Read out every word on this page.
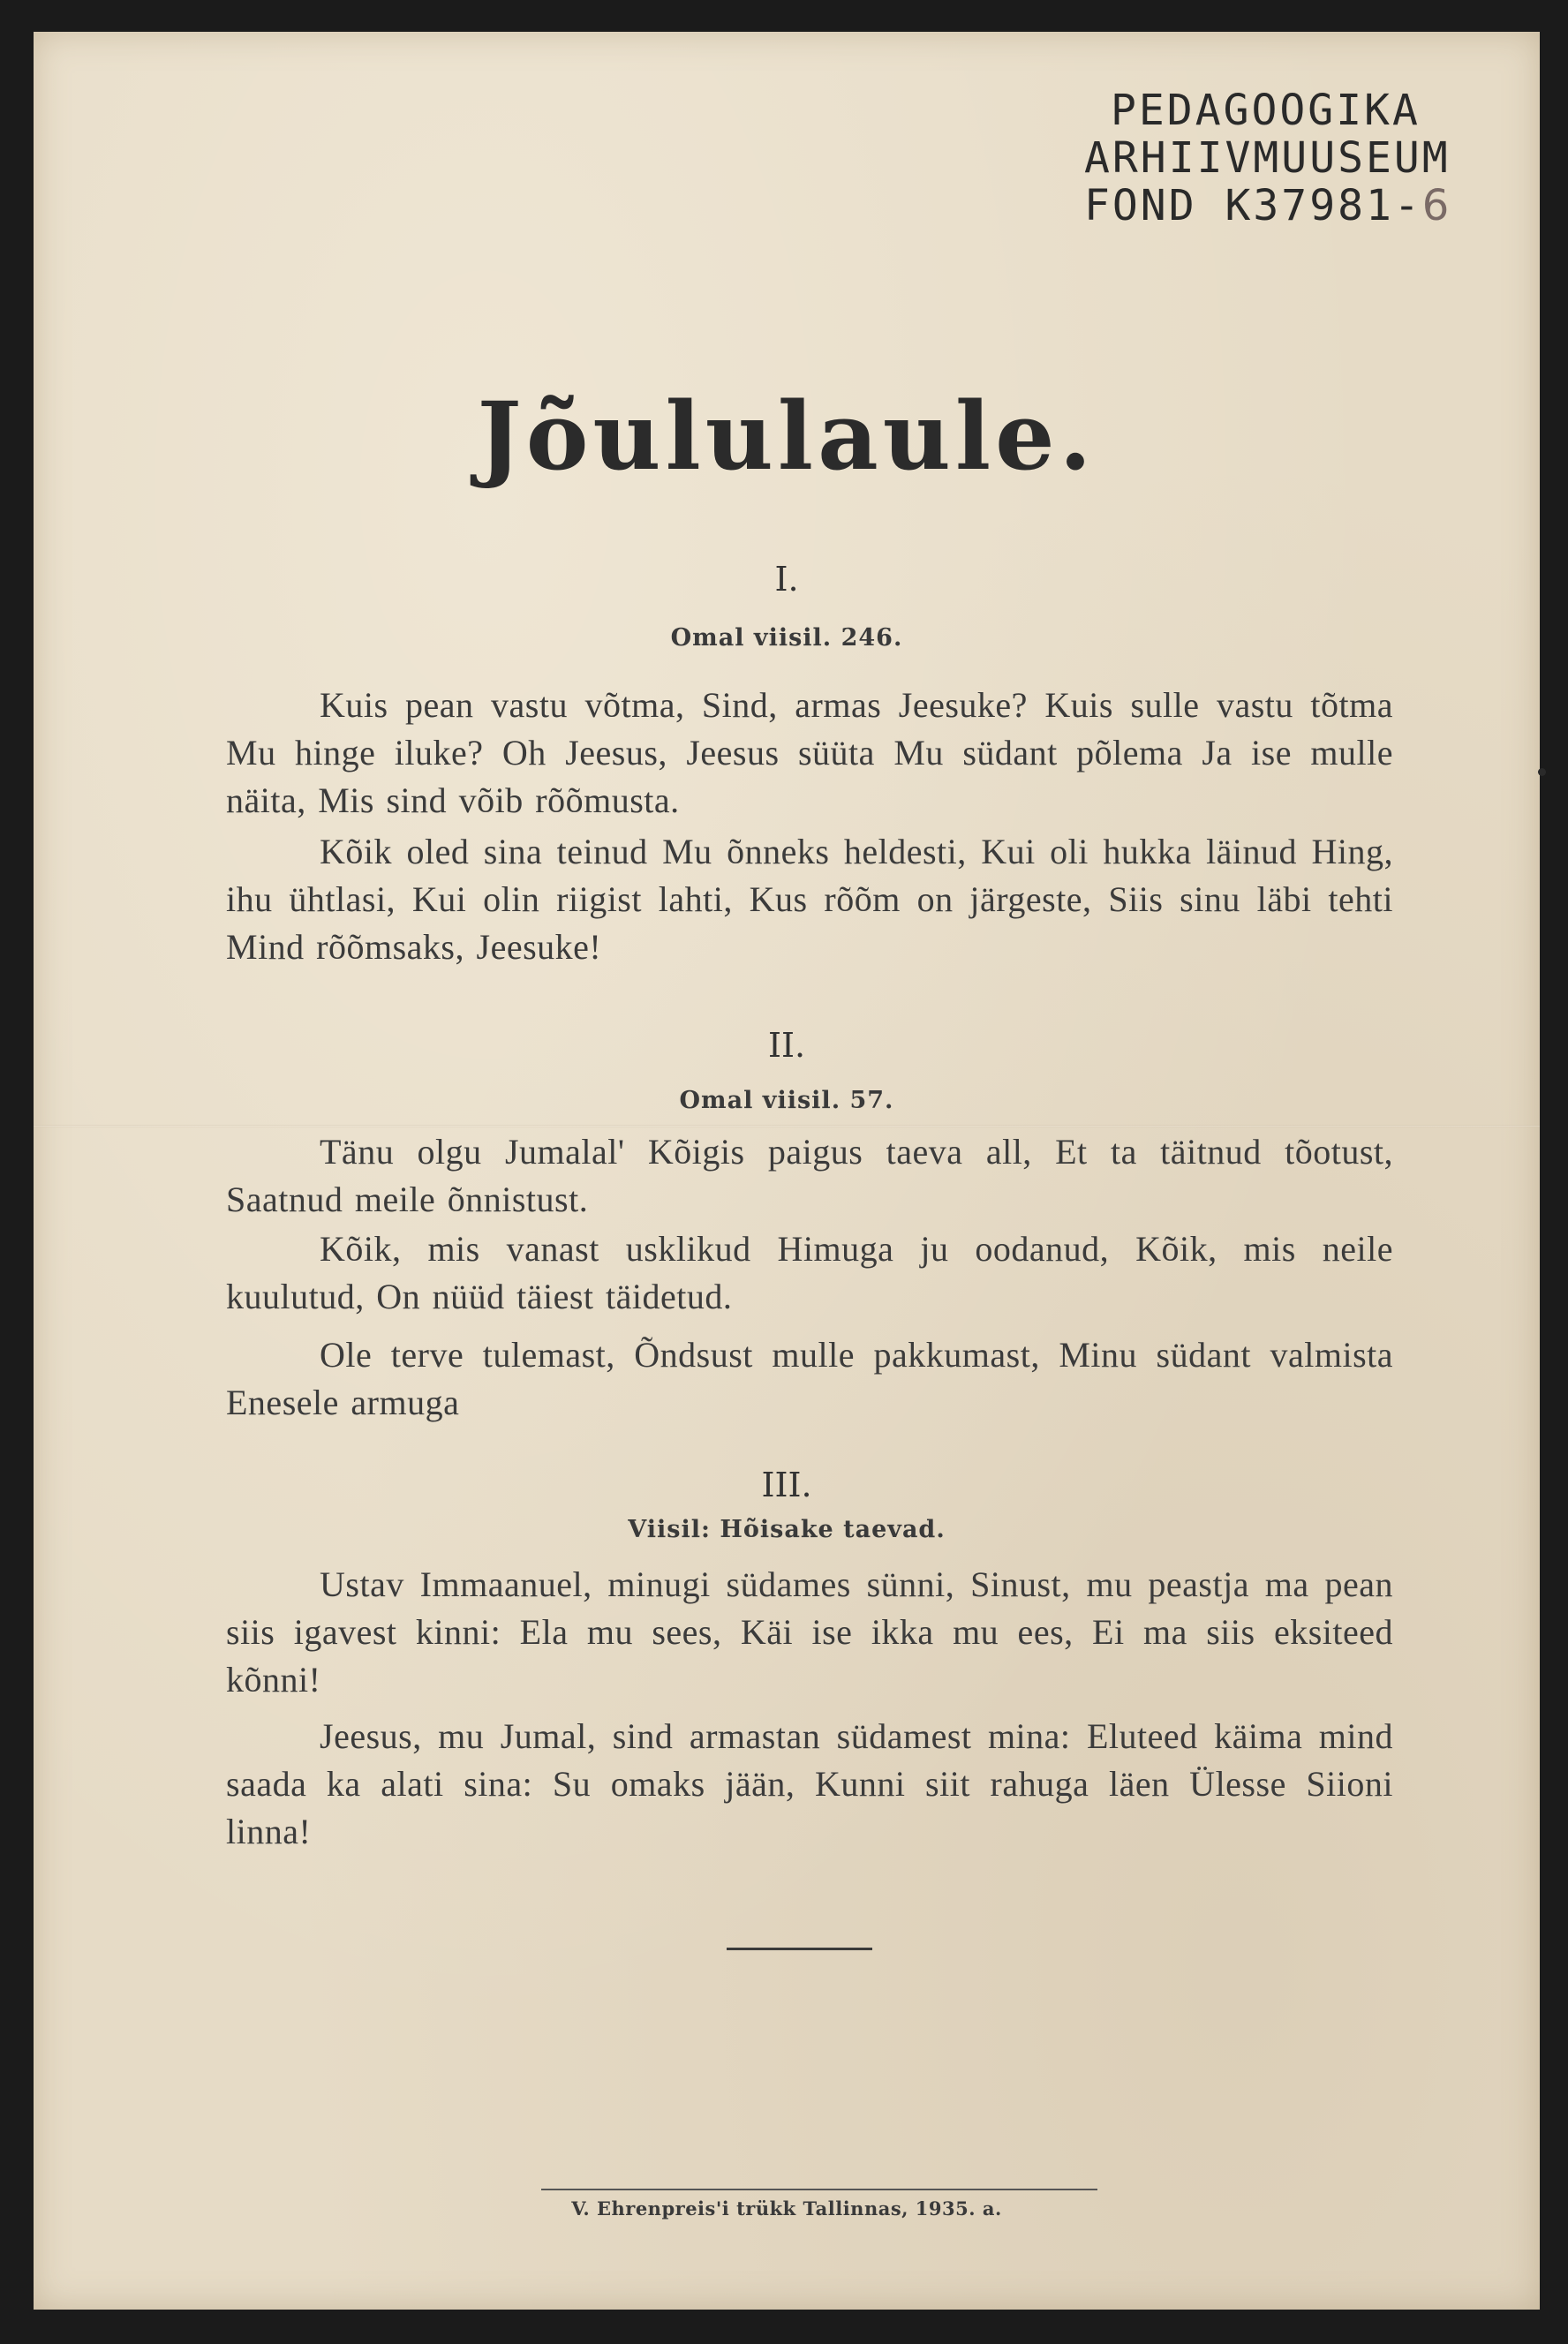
PEDAGOOGIKA
ARHIIVMUUSEUM
FOND K37981-6
Jõululaule.
I.
Omal viisil. 246.
Kuis pean vastu võtma, Sind, armas Jeesuke? Kuis sulle vastu tõtma Mu hinge iluke? Oh Jeesus, Jeesus süüta Mu südant põlema Ja ise mulle näita, Mis sind võib rõõmusta.
Kõik oled sina teinud Mu õnneks heldesti, Kui oli hukka läinud Hing, ihu ühtlasi, Kui olin riigist lahti, Kus rõõm on järgeste, Siis sinu läbi tehti Mind rõõmsaks, Jeesuke!
II.
Omal viisil. 57.
Tänu olgu Jumalal' Kõigis paigus taeva all, Et ta täitnud tõotust, Saatnud meile õnnistust.
Kõik, mis vanast usklikud Himuga ju oodanud, Kõik, mis neile kuulutud, On nüüd täiest täidetud.
Ole terve tulemast, Õndsust mulle pakkumast, Minu südant valmista Enesele armuga
III.
Viisil: Hõisake taevad.
Ustav Immaanuel, minugi südames sünni, Sinust, mu peastja ma pean siis igavest kinni: Ela mu sees, Käi ise ikka mu ees, Ei ma siis eksiteed kõnni!
Jeesus, mu Jumal, sind armastan südamest mina: Eluteed käima mind saada ka alati sina: Su omaks jään, Kunni siit rahuga läen Ülesse Siioni linna!
V. Ehrenpreis'i trükk Tallinnas, 1935. a.
